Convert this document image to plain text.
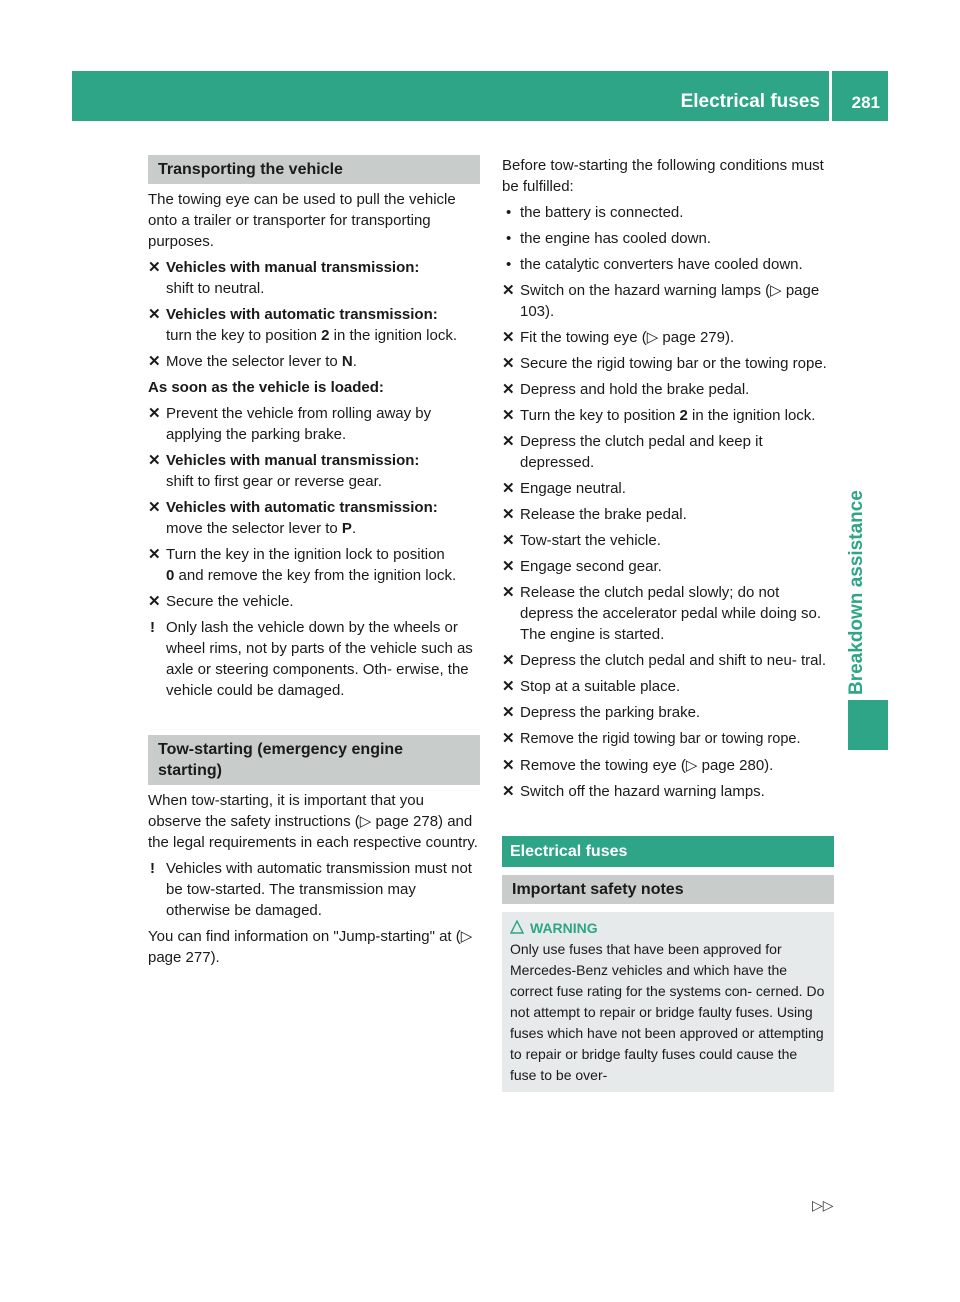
Electrical fuses 281
Breakdown assistance
Transporting the vehicle

The towing eye can be used to pull the vehicle onto a trailer or transporter for transporting purposes.

✕ Vehicles with manual transmission:
shift to neutral.
✕ Vehicles with automatic transmission:
turn the key to position 2 in the ignition lock.
✕ Move the selector lever to N.

As soon as the vehicle is loaded:

✕ Prevent the vehicle from rolling away by applying the parking brake.
✕ Vehicles with manual transmission:
shift to first gear or reverse gear.
✕ Vehicles with automatic transmission:
move the selector lever to P.
✕ Turn the key in the ignition lock to position
0 and remove the key from the ignition lock.
✕ Secure the vehicle.
! Only lash the vehicle down by the wheels or wheel rims, not by parts of the vehicle such as axle or steering components. Oth- erwise, the vehicle could be damaged.
Tow-starting (emergency engine starting)

When tow-starting, it is important that you observe the safety instructions (▷ page 278) and the legal requirements in each respective country.

! Vehicles with automatic transmission must not be tow-started. The transmission may otherwise be damaged.

You can find information on "Jump-starting" at (▷ page 277).

Before tow-starting the following conditions must be fulfilled:

• the battery is connected.
• the engine has cooled down.
• the catalytic converters have cooled down.
✕ Switch on the hazard warning lamps (▷ page 103).
✕ Fit the towing eye (▷ page 279).
✕ Secure the rigid towing bar or the towing rope.
✕ Depress and hold the brake pedal.
✕ Turn the key to position 2 in the ignition lock.
✕ Depress the clutch pedal and keep it depressed.
✕ Engage neutral.
✕ Release the brake pedal.
✕ Tow-start the vehicle.
✕ Engage second gear.
✕ Release the clutch pedal slowly; do not depress the accelerator pedal while doing so.
The engine is started.
✕ Depress the clutch pedal and shift to neu- tral.
✕ Stop at a suitable place.
✕ Depress the parking brake.
✕ Remove the rigid towing bar or towing rope.
✕ Remove the towing eye (▷ page 280).
✕ Switch off the hazard warning lamps.
Electrical fuses
Important safety notes
WARNING

Only use fuses that have been approved for Mercedes-Benz vehicles and which have the correct fuse rating for the systems con- cerned. Do not attempt to repair or bridge faulty fuses. Using fuses which have not been approved or attempting to repair or bridge faulty fuses could cause the fuse to be over-

▷▷
